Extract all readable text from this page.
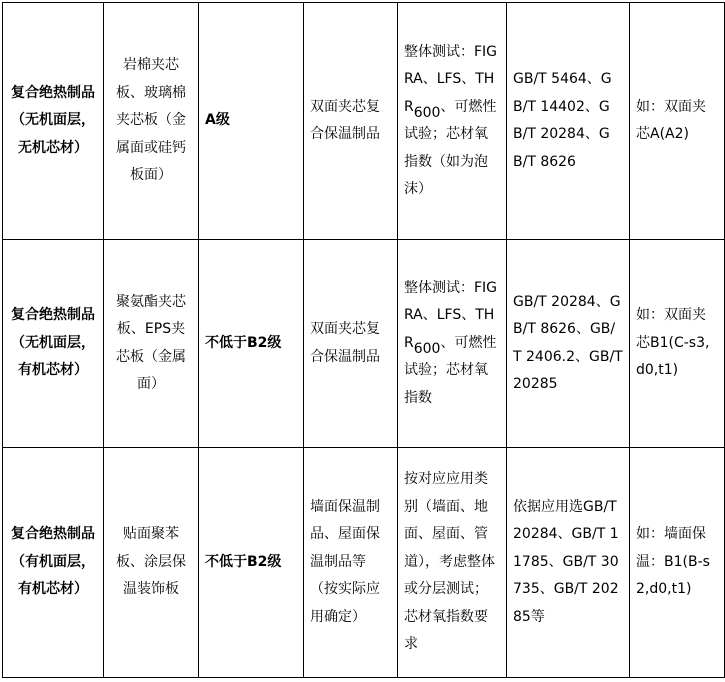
复合绝热制品（无机面层，无机芯材）	岩棉夹芯板、玻璃棉夹芯板（金属面或硅钙板面）	A级	双面夹芯复合保温制品	整体测试：FIGRA、LFS、THR600、可燃性试验；芯材氧指数（如为泡沫）	GB/T 5464、GB/T 14402、GB/T 20284、GB/T 8626	如：双面夹芯A(A2)
复合绝热制品（无机面层，有机芯材）	聚氨酯夹芯板、EPS夹芯板（金属面）	不低于B2级	双面夹芯复合保温制品	整体测试：FIGRA、LFS、THR600、可燃性试验；芯材氧指数	GB/T 20284、GB/T 8626、GB/T 2406.2、GB/T 20285	如：双面夹芯B1(C-s3,d0,t1)
复合绝热制品（有机面层，有机芯材）	贴面聚苯板、涂层保温装饰板	不低于B2级	墙面保温制品、屋面保温制品等（按实际应用确定）	按对应应用类别（墙面、地面、屋面、管道），考虑整体或分层测试；芯材氧指数要求	依据应用选GB/T 20284、GB/T 11785、GB/T 30735、GB/T 20285等	如：墙面保温：B1(B-s2,d0,t1)
